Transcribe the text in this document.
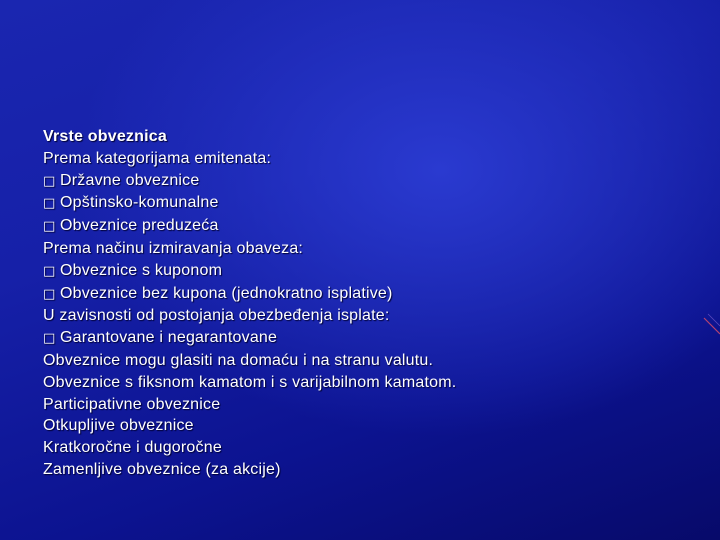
Vrste obveznica
Prema kategorijama emitenata:
□ Državne obveznice
□ Opštinsko-komunalne
□ Obveznice preduzeća
Prema načinu izmiravanja obaveza:
□ Obveznice s kuponom
□ Obveznice bez kupona (jednokratno isplative)
U zavisnosti od postojanja obezbeđenja isplate:
□ Garantovane i negarantovane
Obveznice mogu glasiti na domaću i na stranu valutu.
Obveznice s fiksnom kamatom i s varijabilnom kamatom.
Participativne obveznice
Otkupljive obveznice
Kratkoročne i dugoročne
Zamenljive obveznice (za akcije)
